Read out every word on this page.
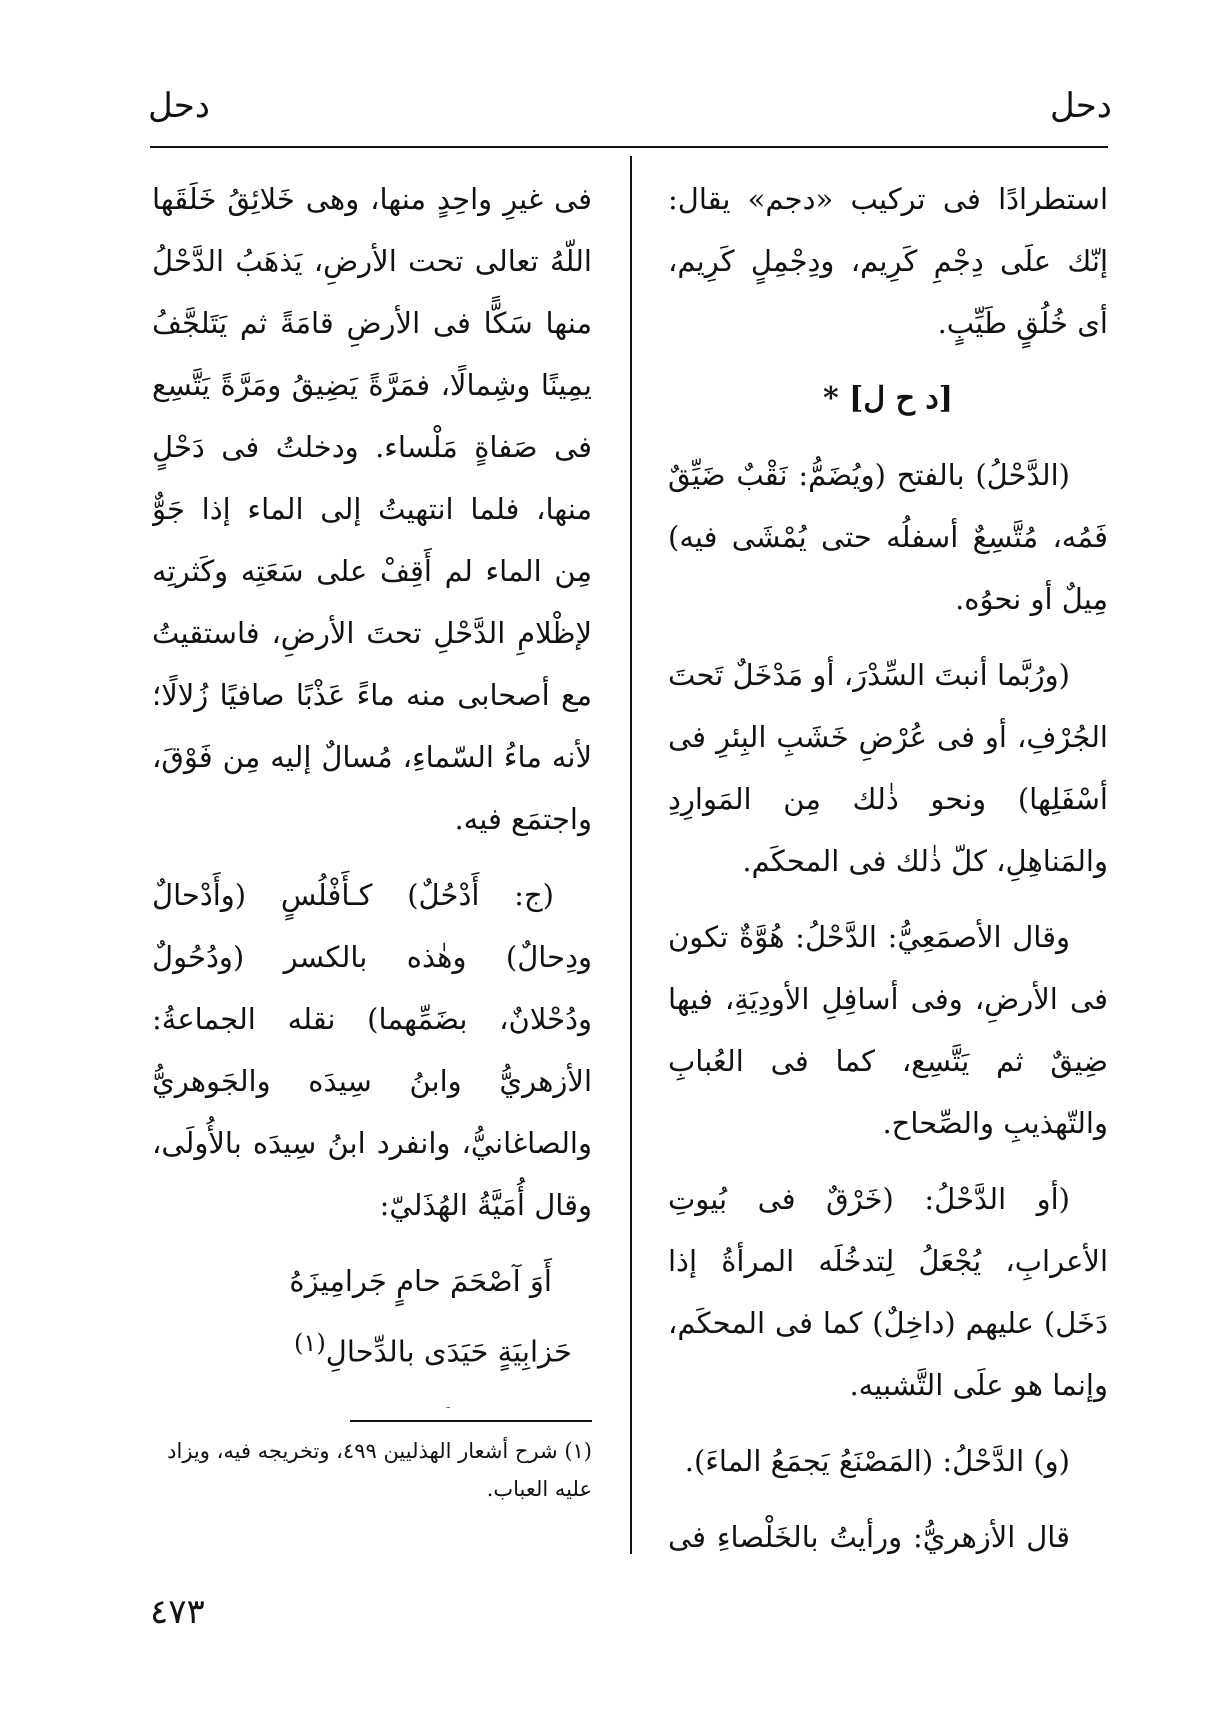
دحل
دحل

استطرادًا فى تركيب «دجم» يقال: إنّك علَى دِجْمِ كَرِيم، ودِجْمِلٍ كَرِيم، أى خُلُقٍ طَيِّبٍ.

[د ح ل] *

(الدَّحْلُ) بالفتح (ويُضَمُّ: نَقْبٌ ضَيِّقٌ فَمُه، مُتَّسِعٌ أسفلُه حتى يُمْشَى فيه) مِيلٌ أو نحوُه.

(ورُبَّما أنبتَ السِّدْرَ، أو مَدْخَلٌ تَحتَ الجُرْفِ، أو فى عُرْضِ خَشَبِ البِئرِ فى أسْفَلِها) ونحو ذٰلك مِن المَوارِدِ والمَناهِلِ، كلّ ذٰلك فى المحكَم.

وقال الأصمَعِيُّ: الدَّحْلُ: هُوَّةٌ تكون فى الأرضِ، وفى أسافِلِ الأودِيَةِ، فيها ضِيقٌ ثم يَتَّسِع، كما فى العُبابِ والتّهذيبِ والصِّحاح.

(أو الدَّحْلُ: (خَرْقٌ فى بُيوتِ الأعرابِ، يُجْعَلُ لِتدخُلَه المرأةُ إذا دَخَل) عليهم (داخِلٌ) كما فى المحكَم، وإنما هو علَى التَّشبيه.

(و) الدَّحْلُ: (المَصْنَعُ يَجمَعُ الماءَ).

قال الأزهريُّ: ورأيتُ بالخَلْصاءِ فى

فى غيرِ واحِدٍ منها، وهى خَلائِقُ خَلَقَها اللّهُ تعالى تحت الأرضِ، يَذهَبُ الدَّحْلُ منها سَكًّا فى الأرضِ قامَةً ثم يَتَلجَّفُ يمِينًا وشِمالًا، فمَرَّةً يَضِيقُ ومَرَّةً يَتَّسِع فى صَفاةٍ مَلْساء. ودخلتُ فى دَحْلٍ منها، فلما انتهيتُ إلى الماء إذا جَوٌّ مِن الماء لم أَقِفْ على سَعَتِه وكَثرتِه لإظْلامِ الدَّحْلِ تحتَ الأرضِ، فاستقيتُ مع أصحابى منه ماءً عَذْبًا صافيًا زُلالًا؛ لأنه ماءُ السّماءِ، مُسالٌ إليه مِن فَوْقَ، واجتمَع فيه.

(ج: أَدْحُلٌ) كـأَفْلُسٍ (وأَدْحالٌ ودِحالٌ) وهٰذه بالكسر (ودُحُولٌ ودُحْلانٌ، بضَمِّهما) نقله الجماعةُ: الأزهريُّ وابنُ سِيدَه والجَوهريُّ والصاغانيُّ، وانفرد ابنُ سِيدَه بالأُولَى، وقال أُمَيَّةُ الهُذَليّ:

أَوَ آصْحَمَ حامٍ جَرامِيزَهُ

حَزابِيَةٍ حَيَدَى بالدِّحالِ$^{(١)}$

(١) شرح أشعار الهذليين ٤٩٩، وتخريجه فيه، ويزاد عليه العباب.
٤٧٣
